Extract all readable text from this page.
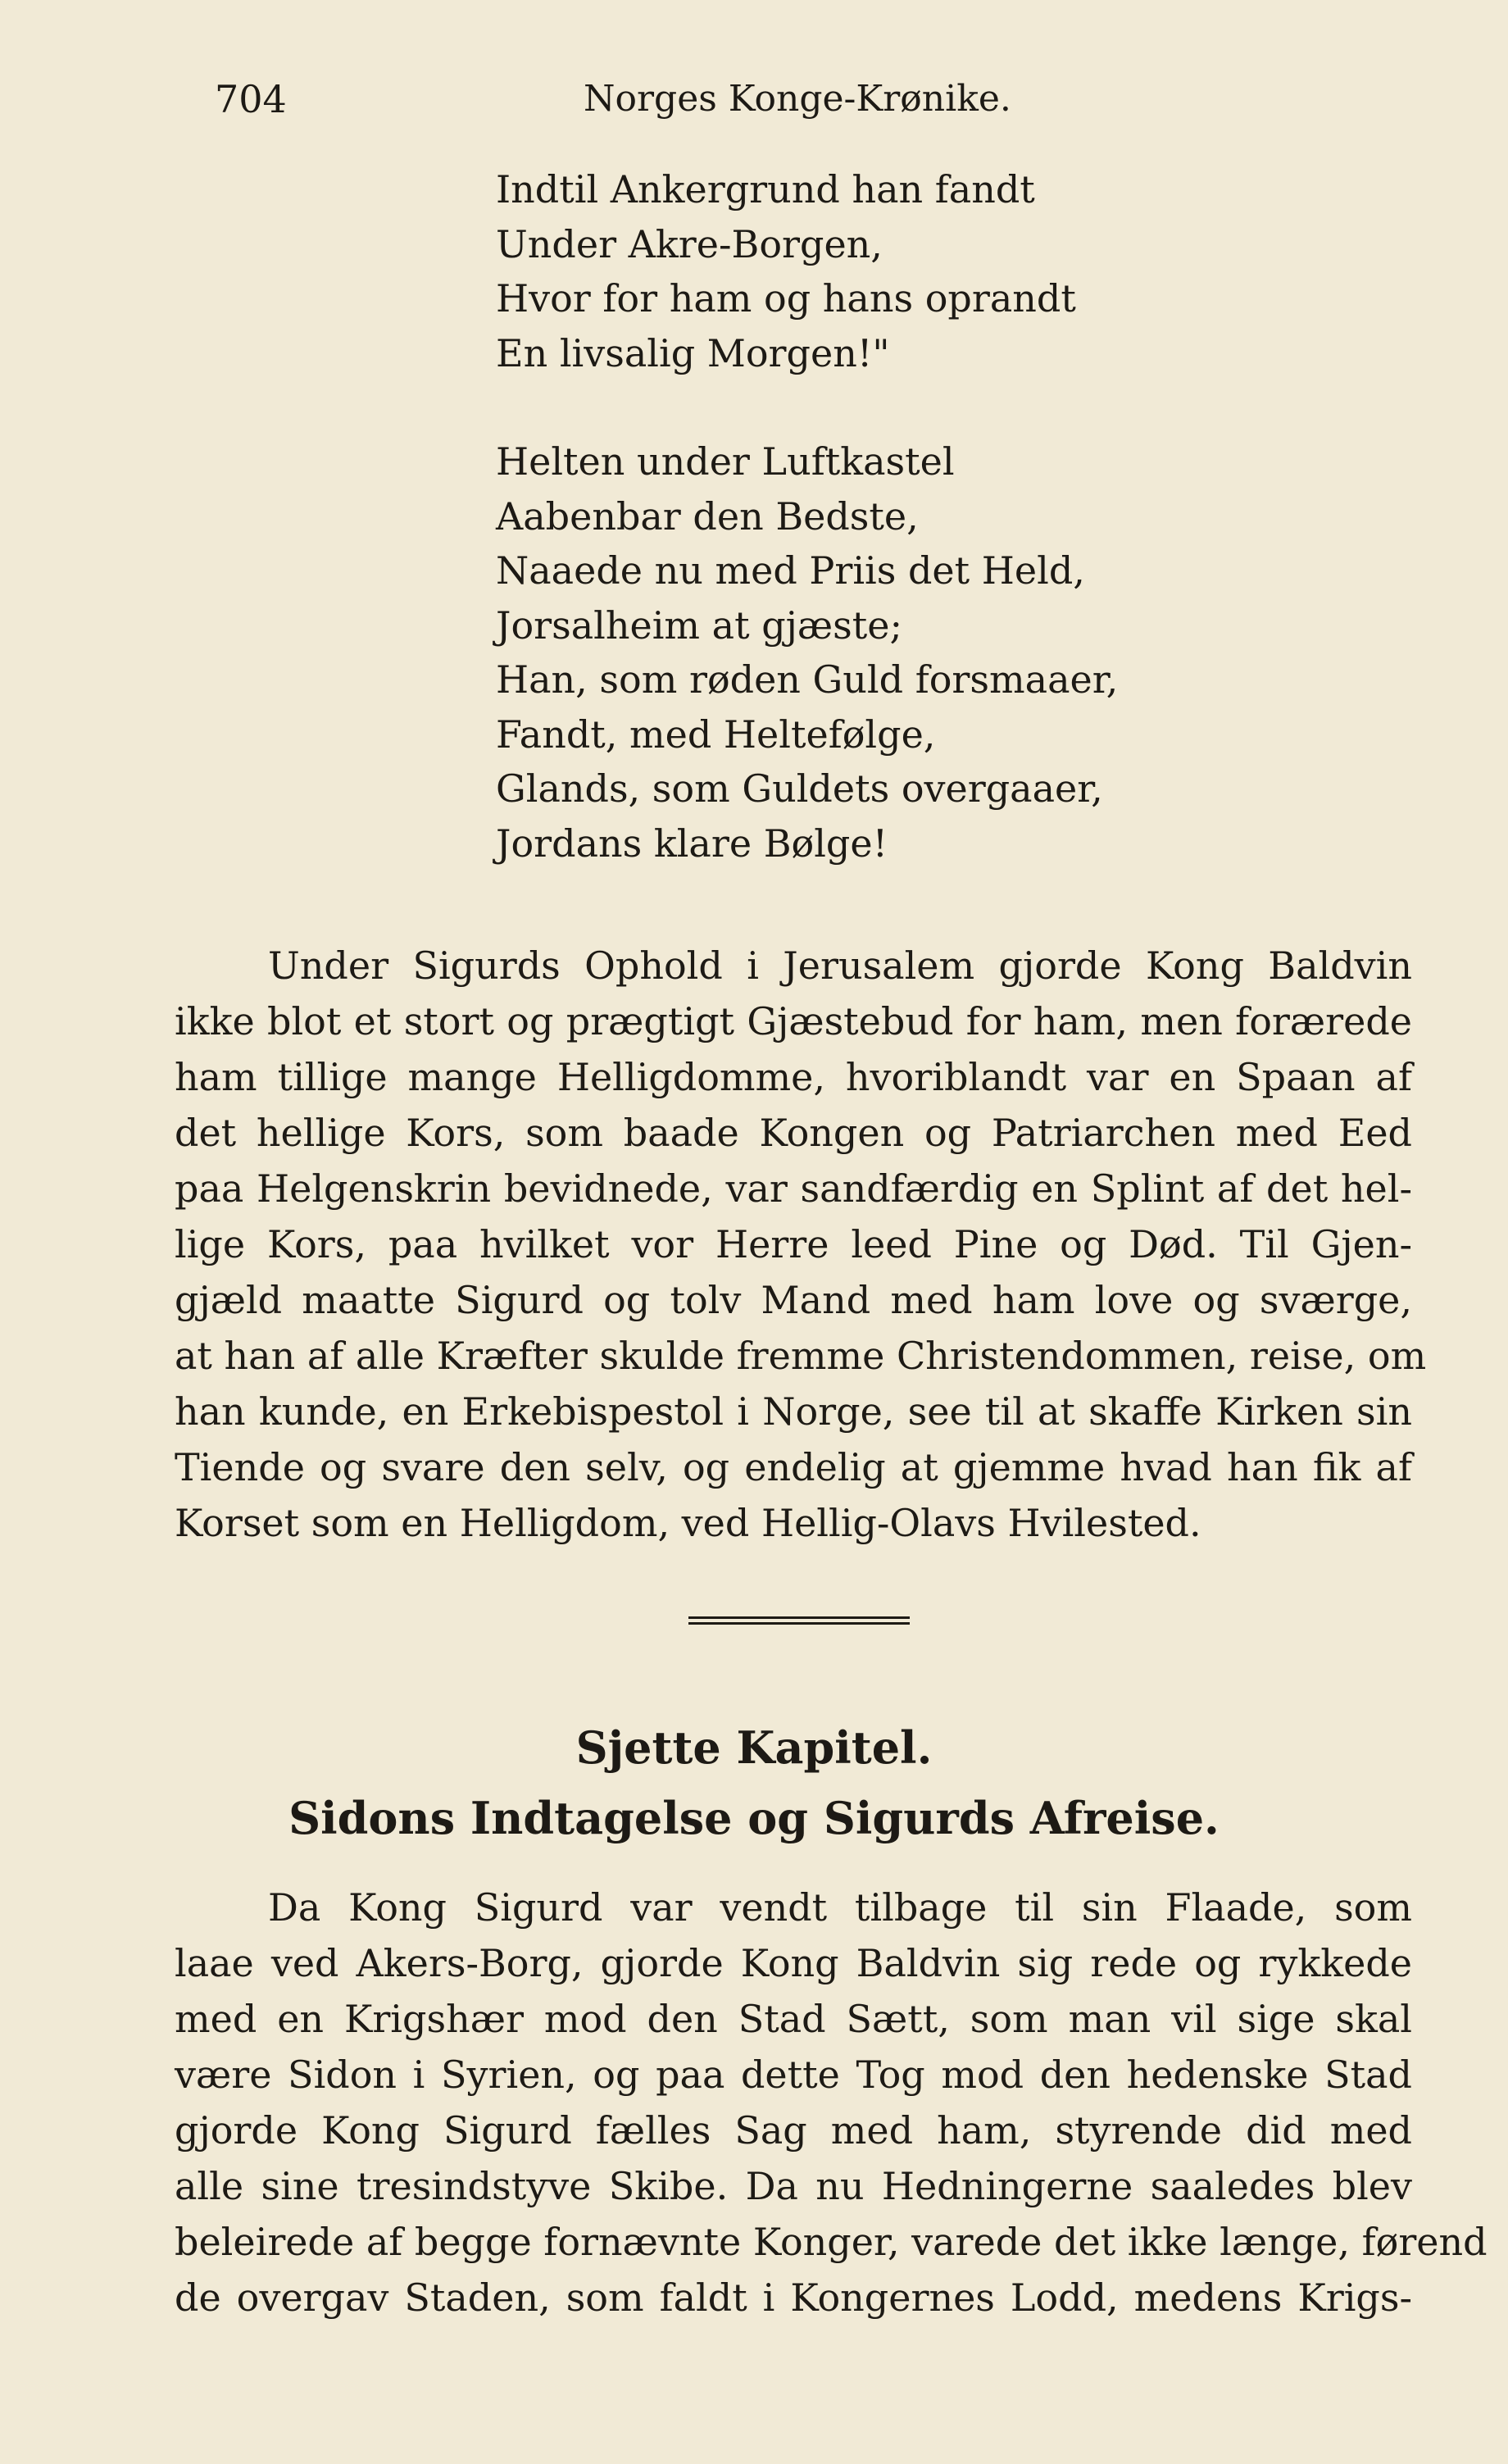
704	Norges Konge-Krønike.
Indtil Ankergrund han fandt
Under Akre-Borgen,
Hvor for ham og hans oprandt
En livsalig Morgen!"
Helten under Luftkastel
Aabenbar den Bedste,
Naaede nu med Priis det Held,
Jorsalheim at gjæste;
Han, som røden Guld forsmaaer,
Fandt, med Heltefølge,
Glands, som Guldets overgaaer,
Jordans klare Bølge!
Under Sigurds Ophold i Jerusalem gjorde Kong Baldvin
ikke blot et stort og prægtigt Gjæstebud for ham, men forærede
ham tillige mange Helligdomme, hvoriblandt var en Spaan af
det hellige Kors, som baade Kongen og Patriarchen med Eed
paa Helgenskrin bevidnede, var sandfærdig en Splint af det hel-
lige Kors, paa hvilket vor Herre leed Pine og Død. Til Gjen-
gjæld maatte Sigurd og tolv Mand med ham love og sværge,
at han af alle Kræfter skulde fremme Christendommen, reise, om
han kunde, en Erkebispestol i Norge, see til at skaffe Kirken sin
Tiende og svare den selv, og endelig at gjemme hvad han fik af
Korset som en Helligdom, ved Hellig-Olavs Hvilested.
Sjette Kapitel.
Sidons Indtagelse og Sigurds Afreise.
Da Kong Sigurd var vendt tilbage til sin Flaade, som
laae ved Akers-Borg, gjorde Kong Baldvin sig rede og rykkede
med en Krigshær mod den Stad Sætt, som man vil sige skal
være Sidon i Syrien, og paa dette Tog mod den hedenske Stad
gjorde Kong Sigurd fælles Sag med ham, styrende did med
alle sine tresindstyve Skibe. Da nu Hedningerne saaledes blev
beleirede af begge fornævnte Konger, varede det ikke længe, førend
de overgav Staden, som faldt i Kongernes Lodd, medens Krigs-
